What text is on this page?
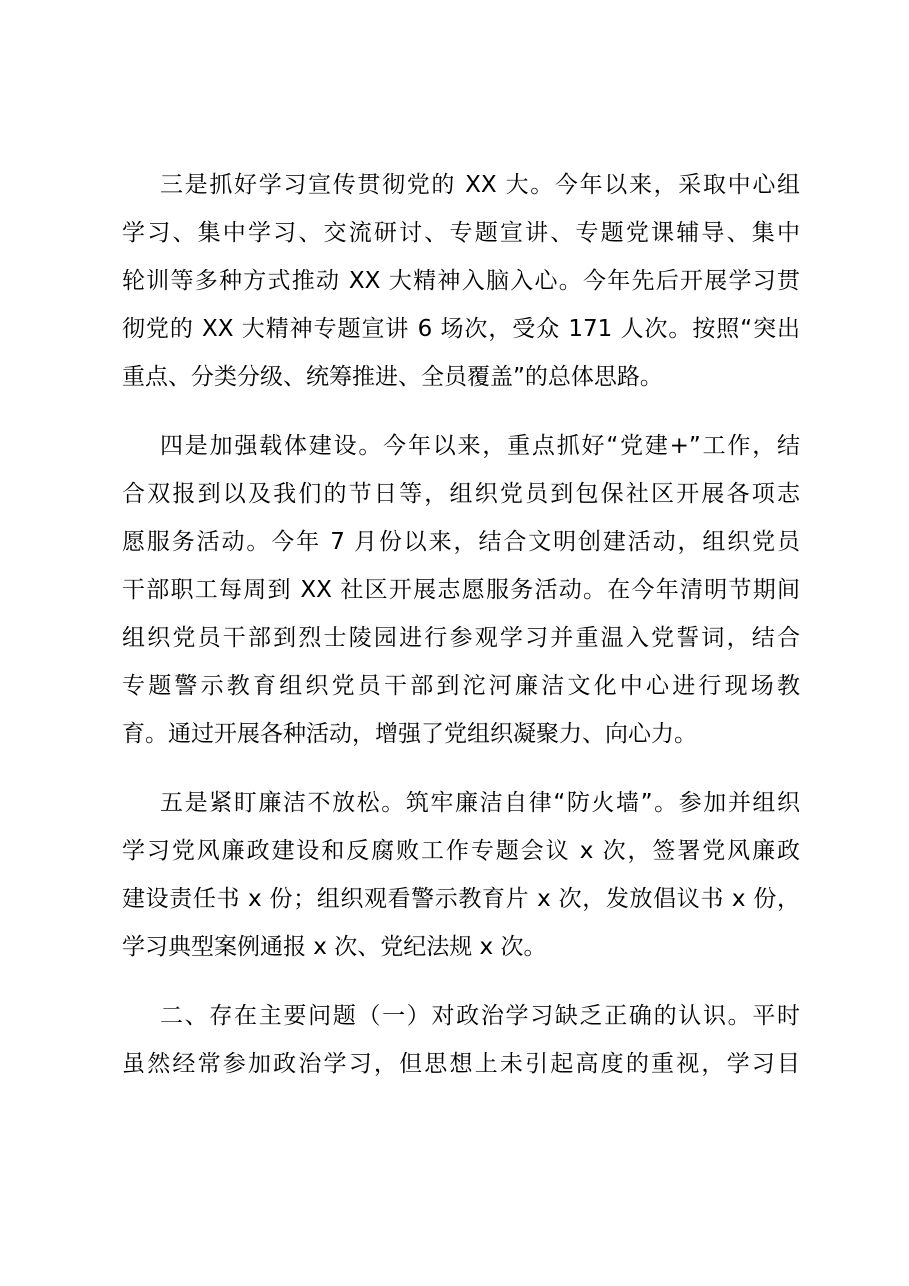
三是抓好学习宣传贯彻党的 XX 大。今年以来，采取中心组
学习、集中学习、交流研讨、专题宣讲、专题党课辅导、集中
轮训等多种方式推动 XX 大精神入脑入心。今年先后开展学习贯
彻党的 XX 大精神专题宣讲 6 场次，受众 171 人次。按照“突出
重点、分类分级、统筹推进、全员覆盖”的总体思路。

四是加强载体建设。今年以来，重点抓好“党建+”工作，结
合双报到以及我们的节日等，组织党员到包保社区开展各项志
愿服务活动。今年 7 月份以来，结合文明创建活动，组织党员
干部职工每周到 XX 社区开展志愿服务活动。在今年清明节期间
组织党员干部到烈士陵园进行参观学习并重温入党誓词，结合
专题警示教育组织党员干部到沱河廉洁文化中心进行现场教
育。通过开展各种活动，增强了党组织凝聚力、向心力。

五是紧盯廉洁不放松。筑牢廉洁自律“防火墙”。参加并组织
学习党风廉政建设和反腐败工作专题会议 x 次，签署党风廉政
建设责任书 x 份；组织观看警示教育片 x 次，发放倡议书 x 份，
学习典型案例通报 x 次、党纪法规 x 次。

二、存在主要问题（一）对政治学习缺乏正确的认识。平时
虽然经常参加政治学习，但思想上未引起高度的重视，学习目
